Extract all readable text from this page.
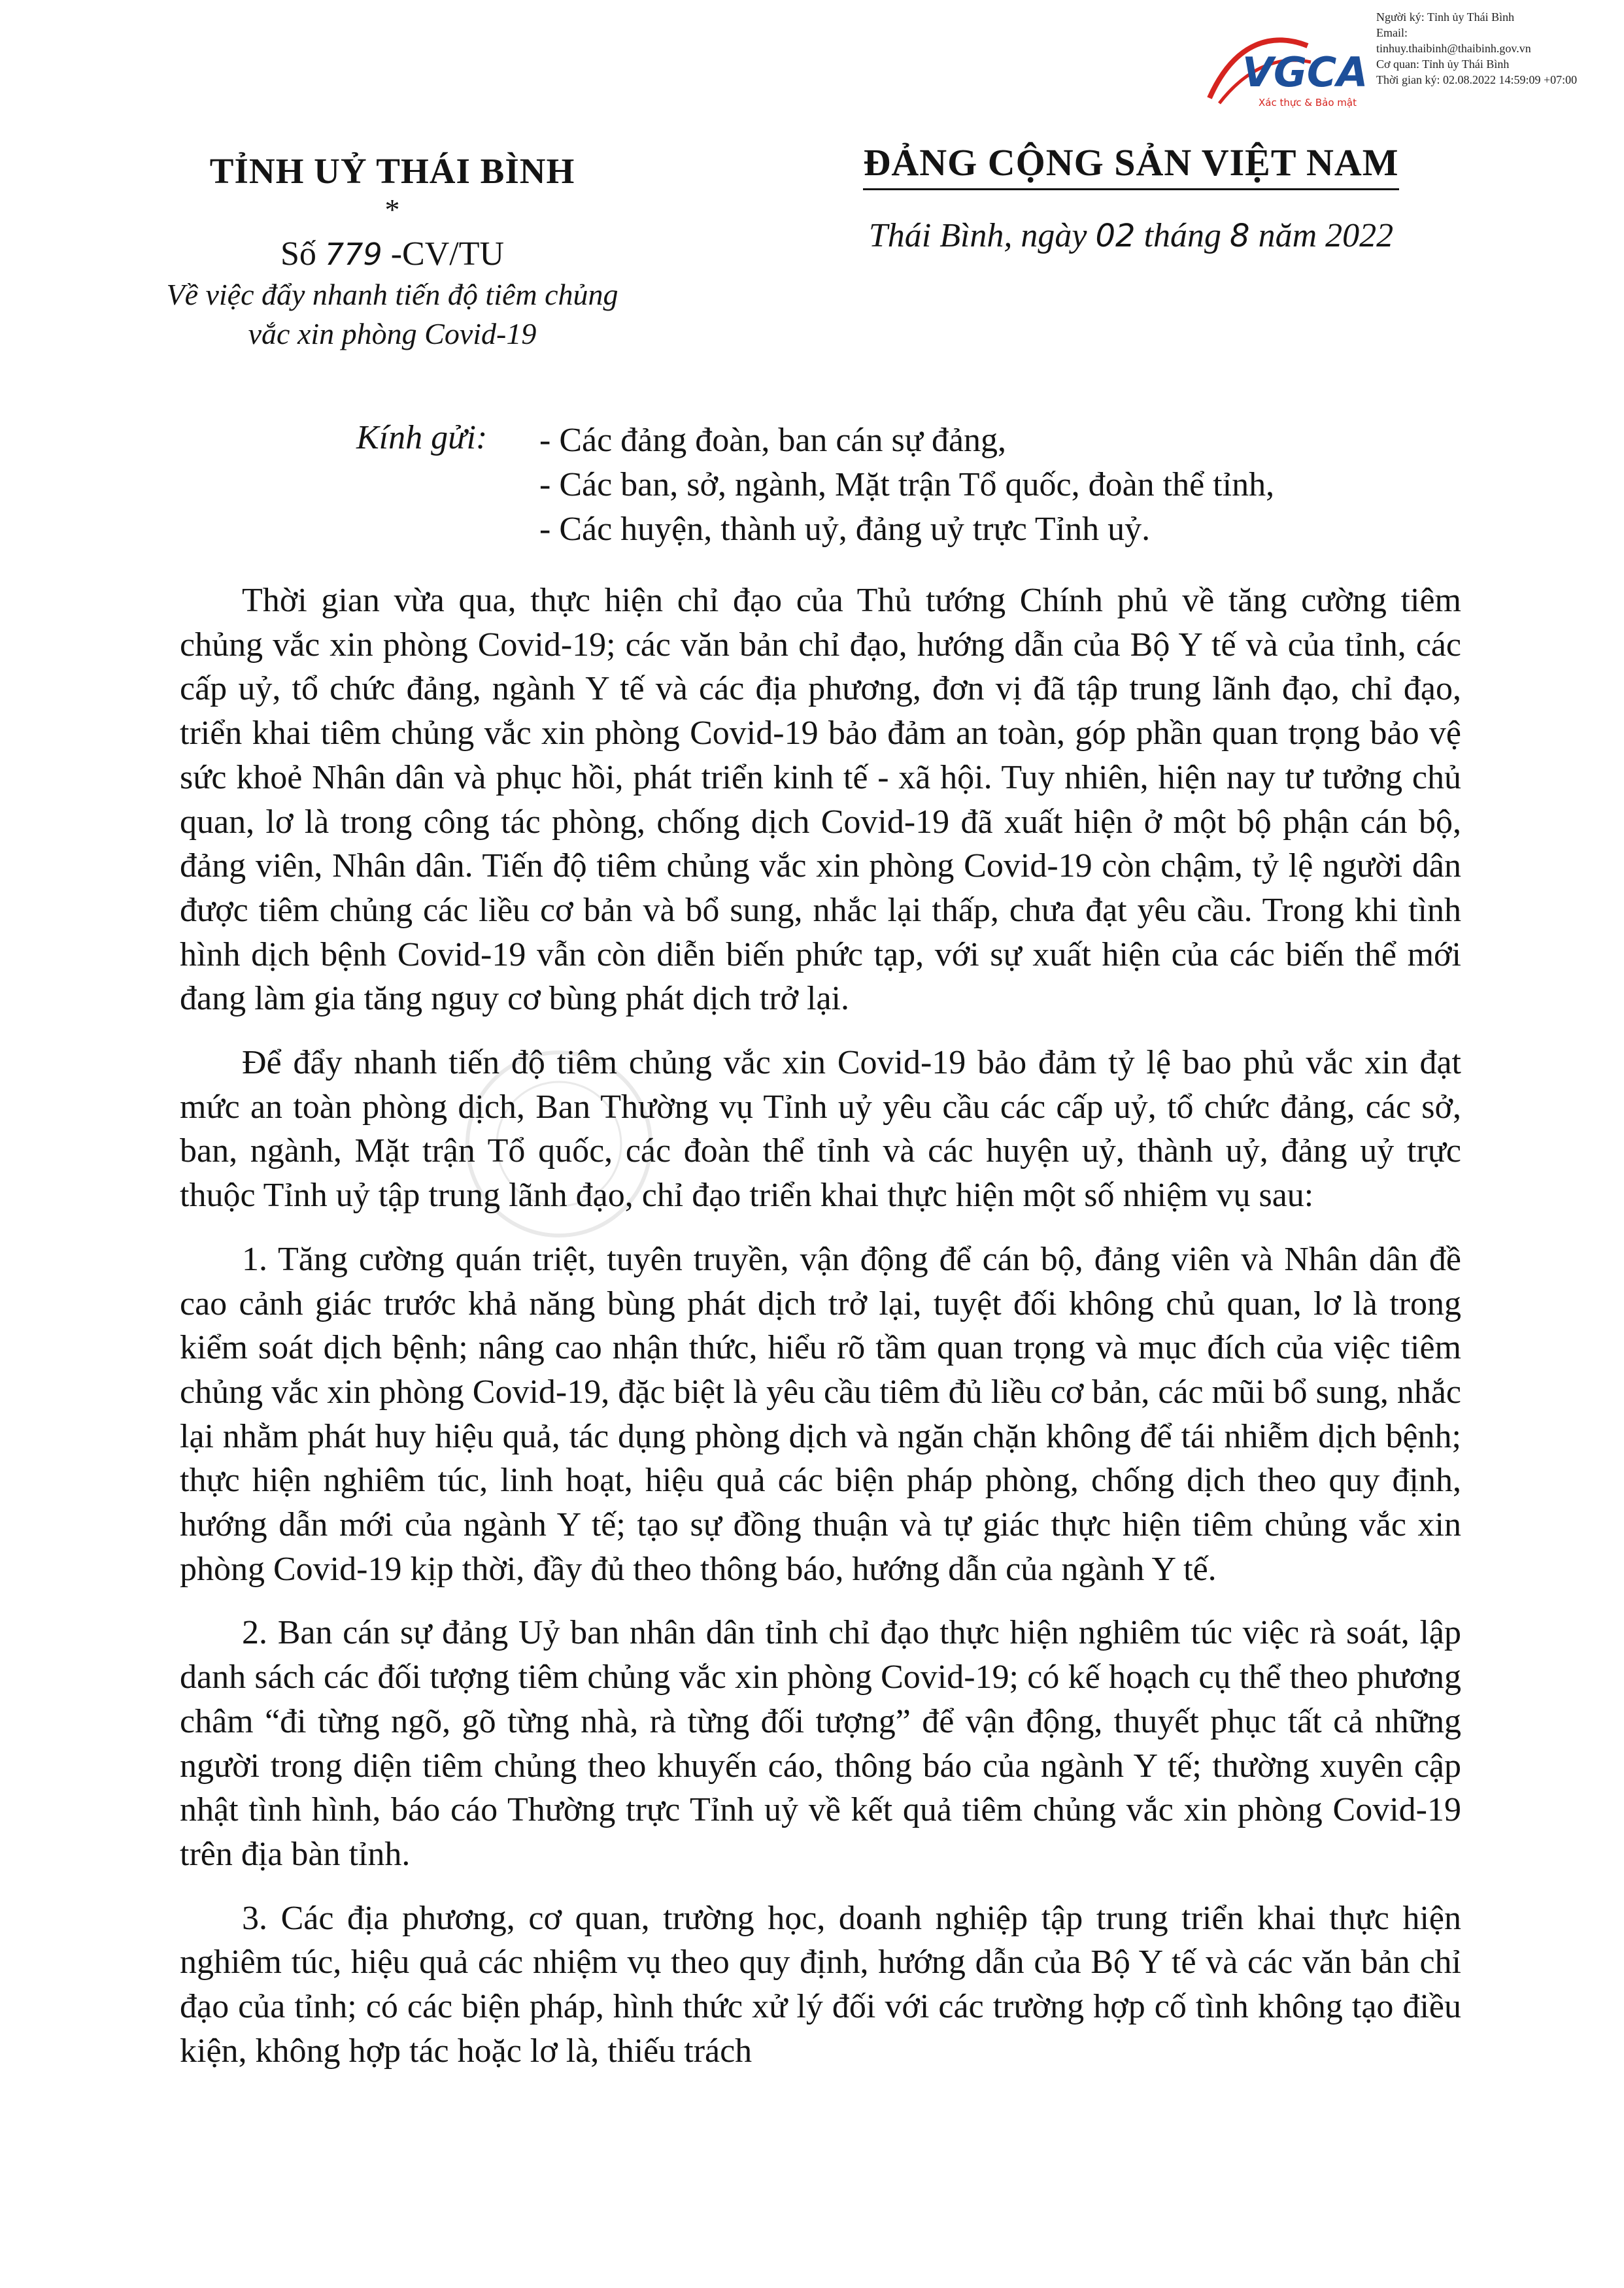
Người ký: Tỉnh ủy Thái Bình
Email:
tinhuy.thaibinh@thaibinh.gov.vn
Cơ quan: Tỉnh ủy Thái Bình
Thời gian ký: 02.08.2022 14:59:09 +07:00
VGCA
Xác thực & Bảo mật
TỈNH UỶ THÁI BÌNH
*
Số 779 -CV/TU
Về việc đẩy nhanh tiến độ tiêm chủng
vắc xin phòng Covid-19
ĐẢNG CỘNG SẢN VIỆT NAM
Thái Bình, ngày 02 tháng 8 năm 2022
Kính gửi: - Các đảng đoàn, ban cán sự đảng,
- Các ban, sở, ngành, Mặt trận Tổ quốc, đoàn thể tỉnh,
- Các huyện, thành uỷ, đảng uỷ trực Tỉnh uỷ.

Thời gian vừa qua, thực hiện chỉ đạo của Thủ tướng Chính phủ về tăng cường tiêm chủng vắc xin phòng Covid-19; các văn bản chỉ đạo, hướng dẫn của Bộ Y tế và của tỉnh, các cấp uỷ, tổ chức đảng, ngành Y tế và các địa phương, đơn vị đã tập trung lãnh đạo, chỉ đạo, triển khai tiêm chủng vắc xin phòng Covid-19 bảo đảm an toàn, góp phần quan trọng bảo vệ sức khoẻ Nhân dân và phục hồi, phát triển kinh tế - xã hội. Tuy nhiên, hiện nay tư tưởng chủ quan, lơ là trong công tác phòng, chống dịch Covid-19 đã xuất hiện ở một bộ phận cán bộ, đảng viên, Nhân dân. Tiến độ tiêm chủng vắc xin phòng Covid-19 còn chậm, tỷ lệ người dân được tiêm chủng các liều cơ bản và bổ sung, nhắc lại thấp, chưa đạt yêu cầu. Trong khi tình hình dịch bệnh Covid-19 vẫn còn diễn biến phức tạp, với sự xuất hiện của các biến thể mới đang làm gia tăng nguy cơ bùng phát dịch trở lại.

Để đẩy nhanh tiến độ tiêm chủng vắc xin Covid-19 bảo đảm tỷ lệ bao phủ vắc xin đạt mức an toàn phòng dịch, Ban Thường vụ Tỉnh uỷ yêu cầu các cấp uỷ, tổ chức đảng, các sở, ban, ngành, Mặt trận Tổ quốc, các đoàn thể tỉnh và các huyện uỷ, thành uỷ, đảng uỷ trực thuộc Tỉnh uỷ tập trung lãnh đạo, chỉ đạo triển khai thực hiện một số nhiệm vụ sau:

1. Tăng cường quán triệt, tuyên truyền, vận động để cán bộ, đảng viên và Nhân dân đề cao cảnh giác trước khả năng bùng phát dịch trở lại, tuyệt đối không chủ quan, lơ là trong kiểm soát dịch bệnh; nâng cao nhận thức, hiểu rõ tầm quan trọng và mục đích của việc tiêm chủng vắc xin phòng Covid-19, đặc biệt là yêu cầu tiêm đủ liều cơ bản, các mũi bổ sung, nhắc lại nhằm phát huy hiệu quả, tác dụng phòng dịch và ngăn chặn không để tái nhiễm dịch bệnh; thực hiện nghiêm túc, linh hoạt, hiệu quả các biện pháp phòng, chống dịch theo quy định, hướng dẫn mới của ngành Y tế; tạo sự đồng thuận và tự giác thực hiện tiêm chủng vắc xin phòng Covid-19 kịp thời, đầy đủ theo thông báo, hướng dẫn của ngành Y tế.

2. Ban cán sự đảng Uỷ ban nhân dân tỉnh chỉ đạo thực hiện nghiêm túc việc rà soát, lập danh sách các đối tượng tiêm chủng vắc xin phòng Covid-19; có kế hoạch cụ thể theo phương châm “đi từng ngõ, gõ từng nhà, rà từng đối tượng” để vận động, thuyết phục tất cả những người trong diện tiêm chủng theo khuyến cáo, thông báo của ngành Y tế; thường xuyên cập nhật tình hình, báo cáo Thường trực Tỉnh uỷ về kết quả tiêm chủng vắc xin phòng Covid-19 trên địa bàn tỉnh.

3. Các địa phương, cơ quan, trường học, doanh nghiệp tập trung triển khai thực hiện nghiêm túc, hiệu quả các nhiệm vụ theo quy định, hướng dẫn của Bộ Y tế và các văn bản chỉ đạo của tỉnh; có các biện pháp, hình thức xử lý đối với các trường hợp cố tình không tạo điều kiện, không hợp tác hoặc lơ là, thiếu trách
